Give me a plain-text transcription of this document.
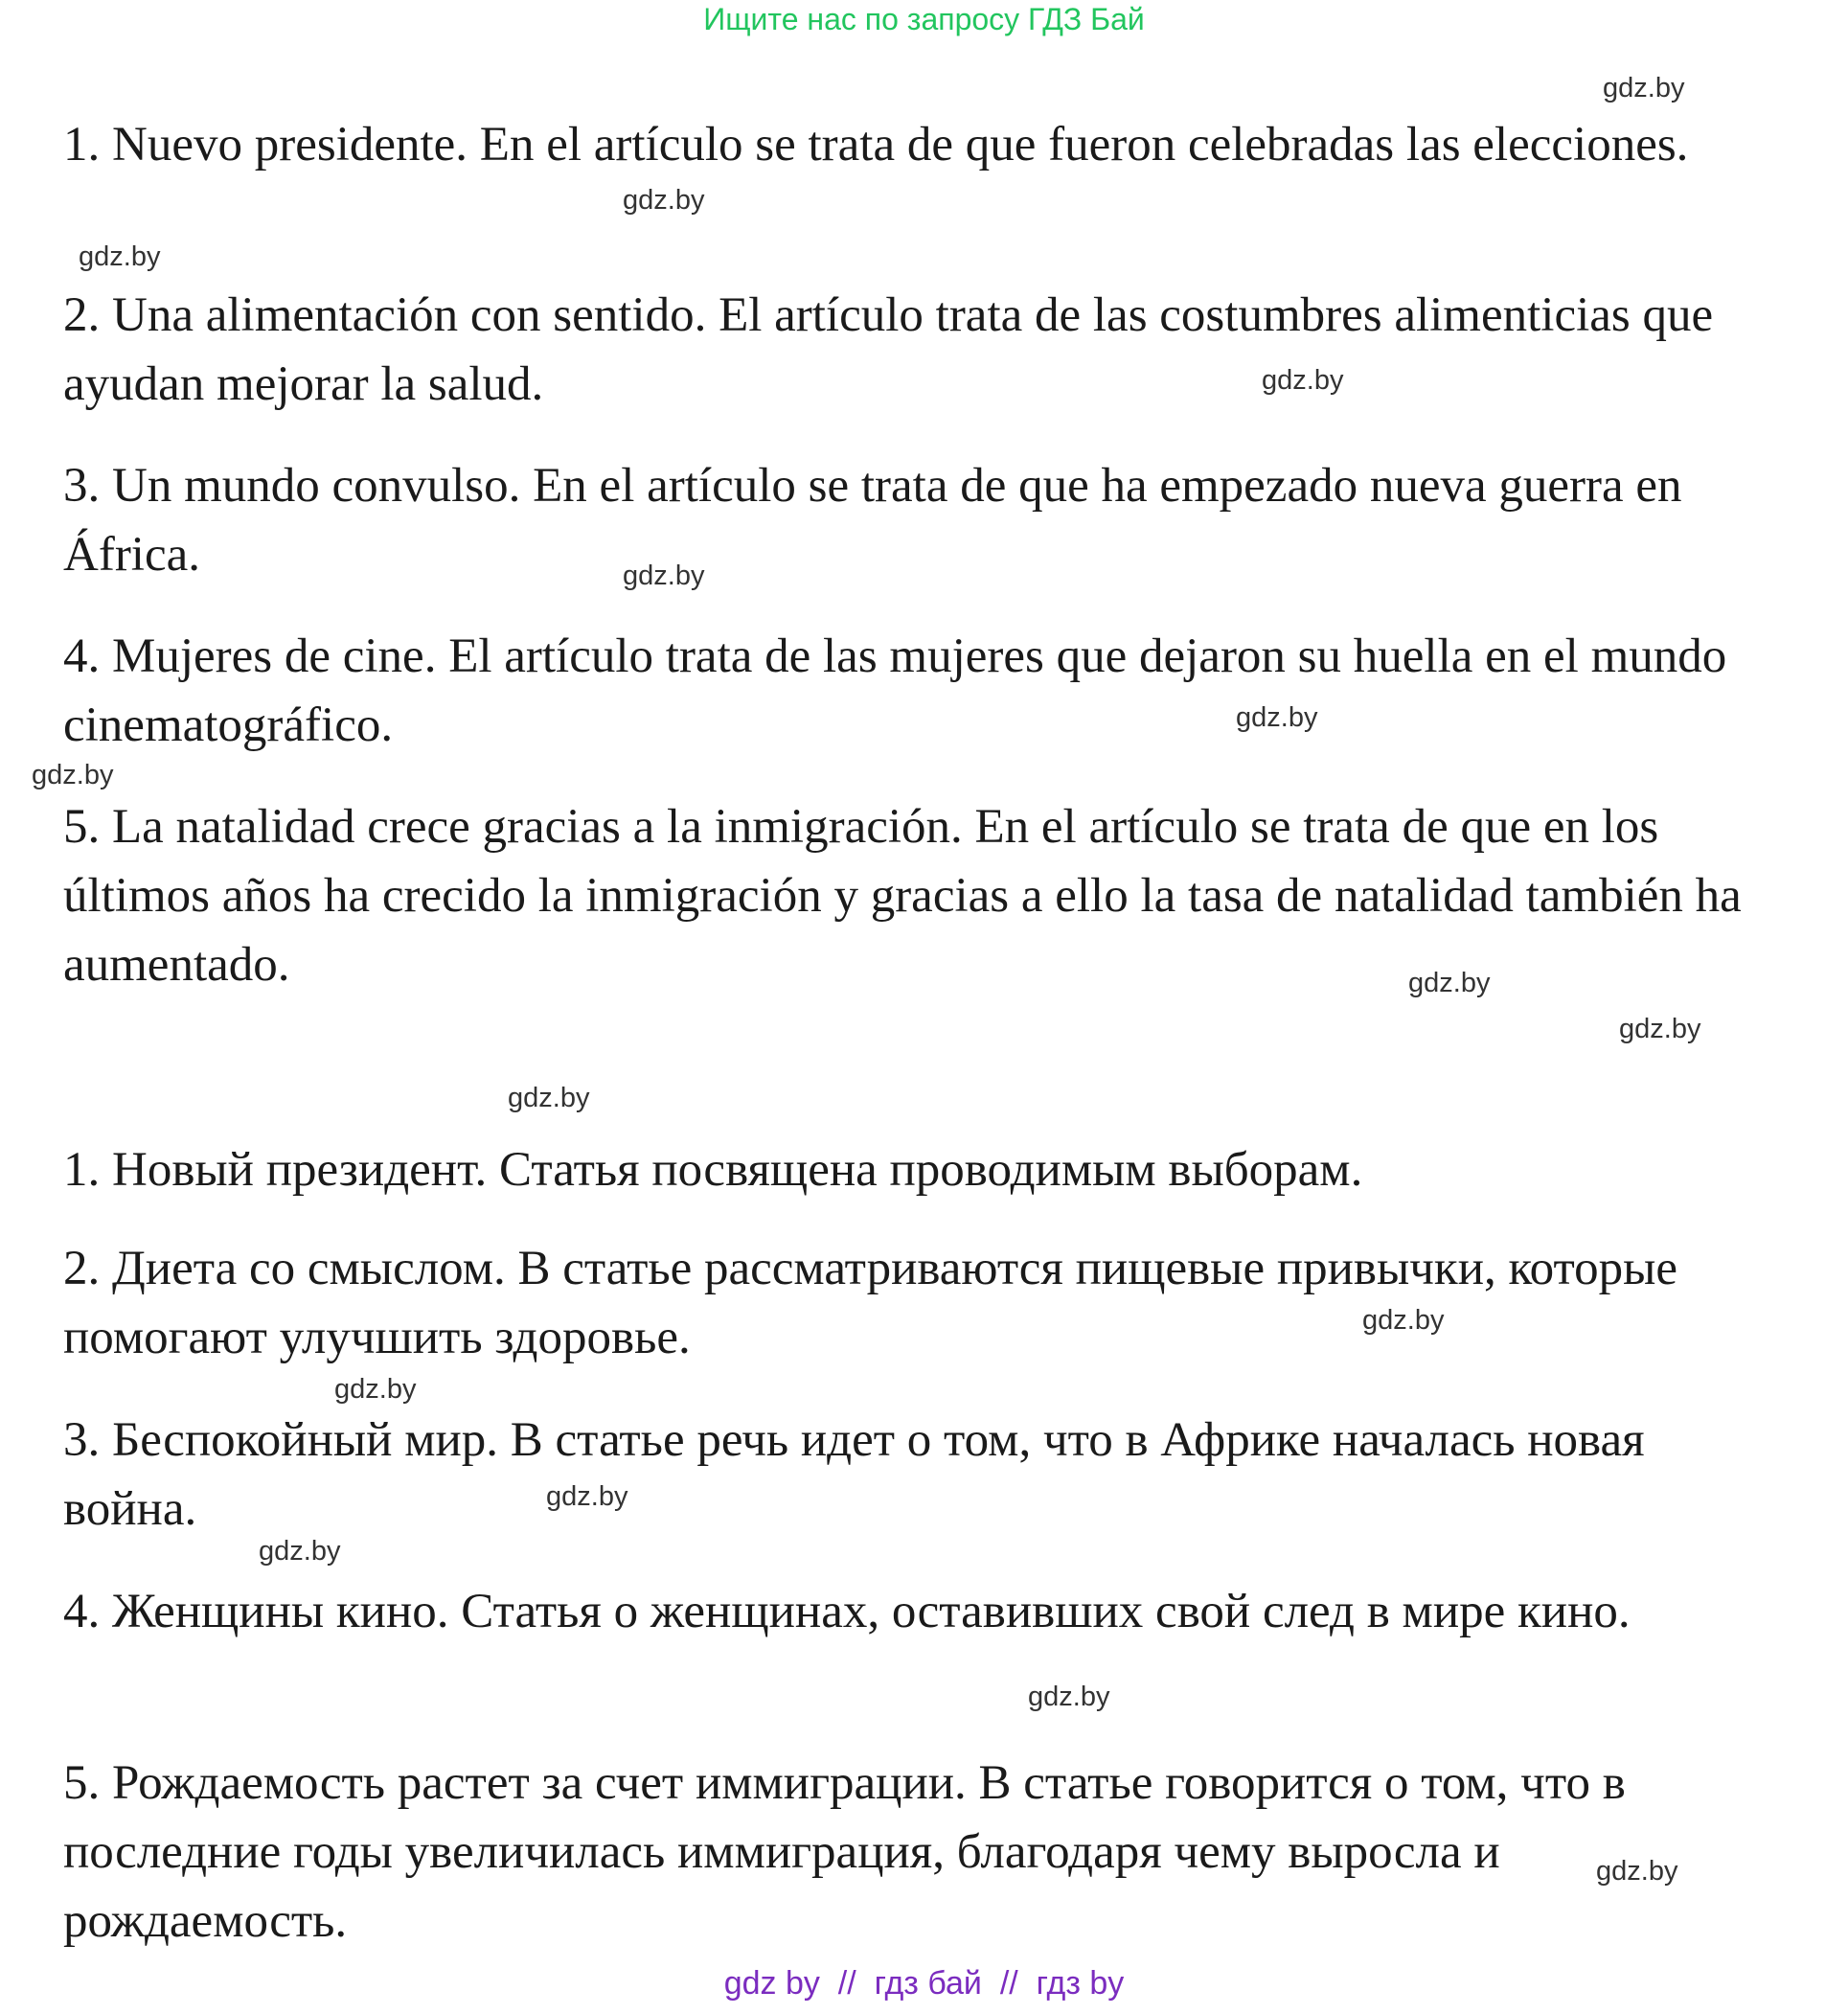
Ищите нас по запросу ГДЗ Бай

1. Nuevo presidente. En el artículo se trata de que fueron celebradas las elecciones.

2. Una alimentación con sentido. El artículo trata de las costumbres alimenticias que ayudan mejorar la salud.

3. Un mundo convulso. En el artículo se trata de que ha empezado nueva guerra en África.

4. Mujeres de cine. El artículo trata de las mujeres que dejaron su huella en el mundo cinematográfico.

5. La natalidad crece gracias a la inmigración. En el artículo se trata de que en los últimos años ha crecido la inmigración y gracias a ello la tasa de natalidad también ha aumentado.

1. Новый президент. Статья посвящена проводимым выборам.

2. Диета со смыслом. В статье рассматриваются пищевые привычки, которые помогают улучшить здоровье.

3. Беспокойный мир. В статье речь идет о том, что в Африке началась новая война.

4. Женщины кино. Статья о женщинах, оставивших свой след в мире кино.

5. Рождаемость растет за счет иммиграции. В статье говорится о том, что в последние годы увеличилась иммиграция, благодаря чему выросла и рождаемость.

gdz.by
gdz.by
gdz.by
gdz.by
gdz.by
gdz.by
gdz.by
gdz.by
gdz.by
gdz.by
gdz.by
gdz.by
gdz.by
gdz.by
gdz.by
gdz.by
gdz by  //  гдз бай  //  гдз by
